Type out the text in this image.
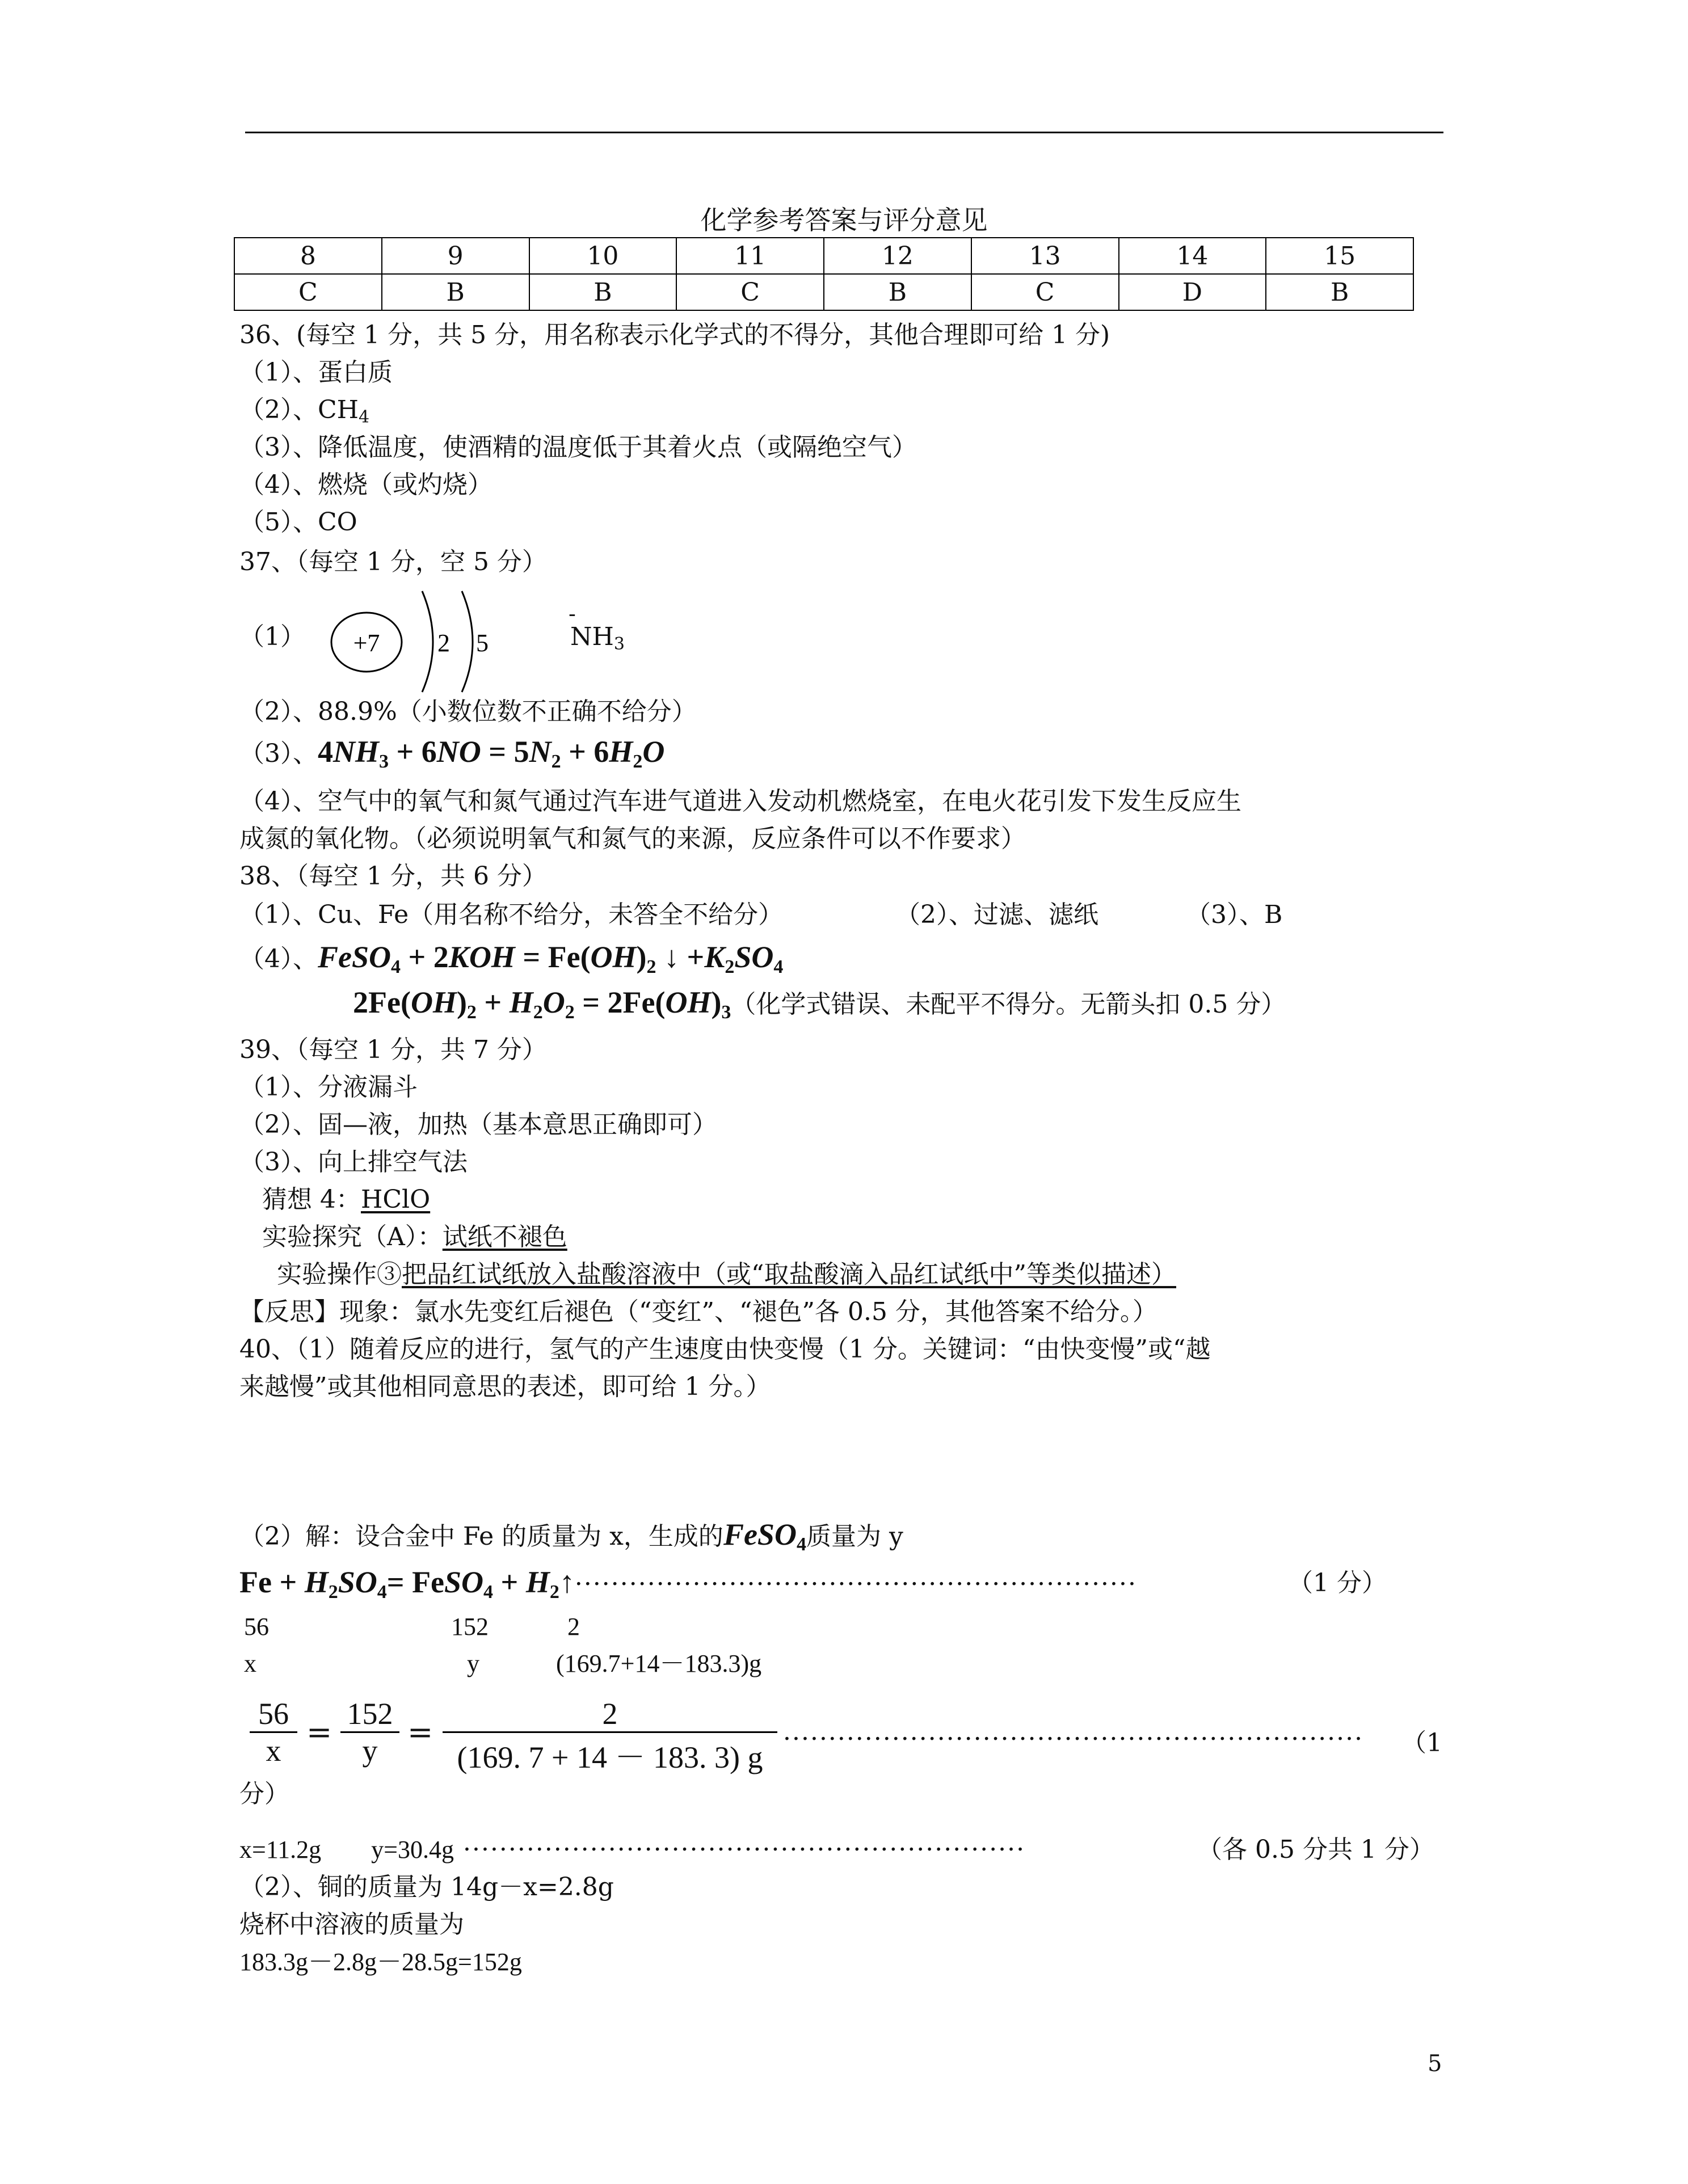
化学参考答案与评分意见
8	9	10	11	12	13	14	15
C	B	B	C	B	C	D	B
36、(每空 1 分，共 5 分，用名称表示化学式的不得分，其他合理即可给 1 分)
（1）、蛋白质
（2）、$CH_4$
（3）、降低温度，使酒精的温度低于其着火点（或隔绝空气）
（4）、燃烧（或灼烧）
（5）、CO
37、（每空 1 分，空 5 分）
（1） +7 2 5
-
$NH_3$
（2）、88.9%（小数位数不正确不给分）
（3）、$4NH_3 + 6NO = 5N_2 + 6H_2O$
（4）、空气中的氧气和氮气通过汽车进气道进入发动机燃烧室，在电火花引发下发生反应生
成氮的氧化物。（必须说明氧气和氮气的来源，反应条件可以不作要求）
38、（每空 1 分，共 6 分）
（1）、Cu、Fe（用名称不给分，未答全不给分）	（2）、过滤、滤纸	（3）、B
（4）、FeSO$_4$ + $2KOH = Fe(OH)_2$ ↓ $+K_2SO_4$
$2Fe(OH)_2 + H_2O_2 = 2Fe(OH)_3$（化学式错误、未配平不得分。无箭头扣 0.5 分）
39、（每空 1 分，共 7 分）
（1）、分液漏斗
（2）、固—液，加热（基本意思正确即可）
（3）、向上排空气法
猜想 4：HClO
实验探究（A）：试纸不褪色
实验操作③把品红试纸放入盐酸溶液中（或“取盐酸滴入品红试纸中”等类似描述）
【反思】现象：氯水先变红后褪色（“变红”、“褪色”各 0.5 分，其他答案不给分。）
40、（1）随着反应的进行，氢气的产生速度由快变慢（1 分。关键词：“由快变慢”或“越
来越慢”或其他相同意思的表述，即可给 1 分。）
（2）解：设合金中 Fe 的质量为 x，生成的FeSO$_4$质量为 y
$Fe + H_2SO_4=$ FeSO$_4$ + $H_2↑\cdot\cdot\cdot\cdot\cdot\cdot\cdot\cdot\cdot\cdot\cdot\cdot\cdot\cdot\cdot\cdot\cdot\cdot\cdot\cdot\cdot\cdot\cdot\cdot\cdot\cdot\cdot\cdot\cdot\cdot\cdot\cdot\cdot\cdot\cdot\cdot\cdot\cdot\cdot\cdot\cdot\cdot\cdot\cdot\cdot\cdot\cdot\cdot\cdot\cdot\cdot\cdot\cdot\cdot\cdot\cdot\cdot\cdot\cdot\cdot\cdot\cdot$	（1 分）
56	152	2
x	y	(169.7+14－183.3)g
$\frac{56}{x} = \frac{152}{y} = \frac{2}{(169. 7 + 14 - 183. 3) g}$ ································································ （1
分）
x=11.2g　　y=30.4g ······························································	（各 0.5 分共 1 分）
（2）、铜的质量为 14g－x=2.8g
烧杯中溶液的质量为
183.3g－2.8g－28.5g=152g
5
